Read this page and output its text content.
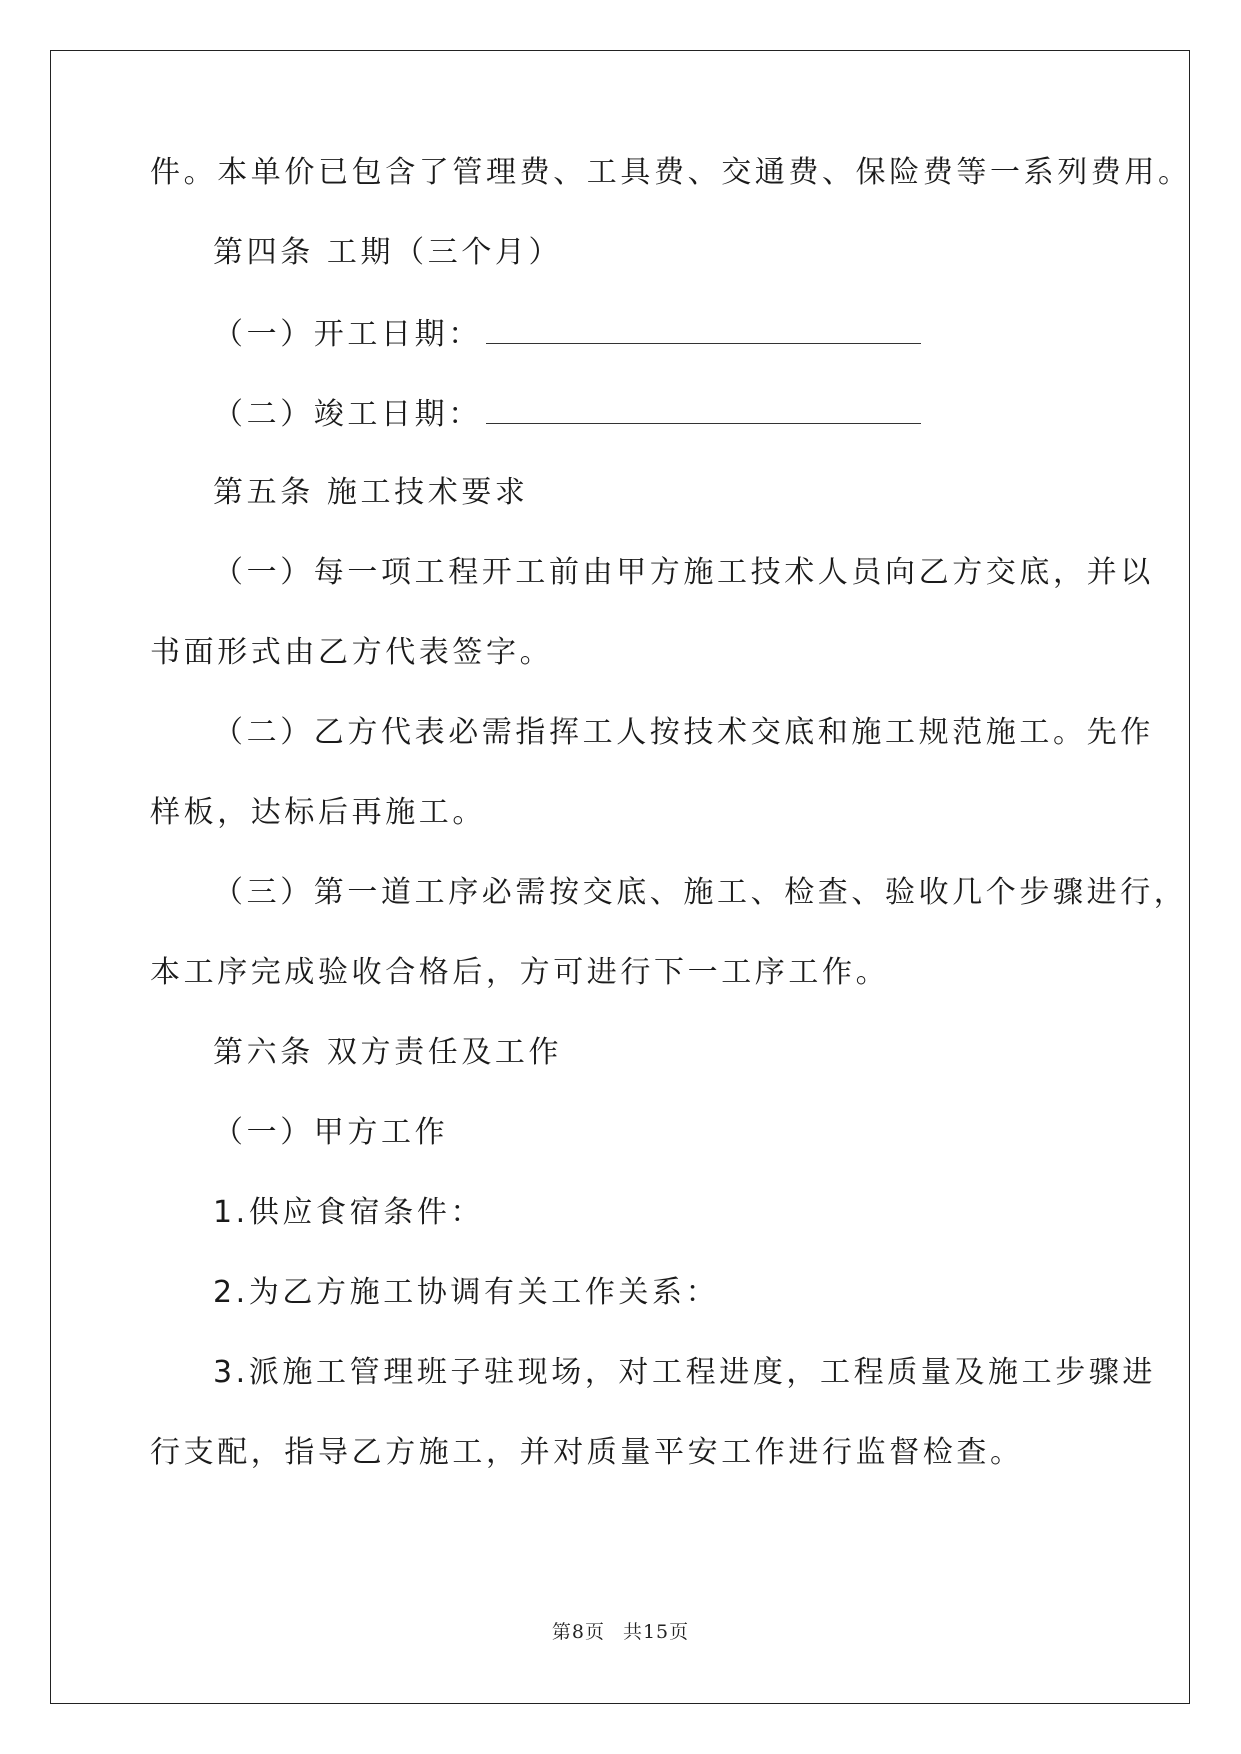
件。本单价已包含了管理费、工具费、交通费、保险费等一系列费用。
第四条 工期（三个月）
（一）开工日期：
（二）竣工日期：
第五条 施工技术要求
（一）每一项工程开工前由甲方施工技术人员向乙方交底，并以
书面形式由乙方代表签字。
（二）乙方代表必需指挥工人按技术交底和施工规范施工。先作
样板，达标后再施工。
（三）第一道工序必需按交底、施工、检查、验收几个步骤进行，
本工序完成验收合格后，方可进行下一工序工作。
第六条 双方责任及工作
（一）甲方工作
1.供应食宿条件：
2.为乙方施工协调有关工作关系：
3.派施工管理班子驻现场，对工程进度，工程质量及施工步骤进
行支配，指导乙方施工，并对质量平安工作进行监督检查。
第8页 共15页
